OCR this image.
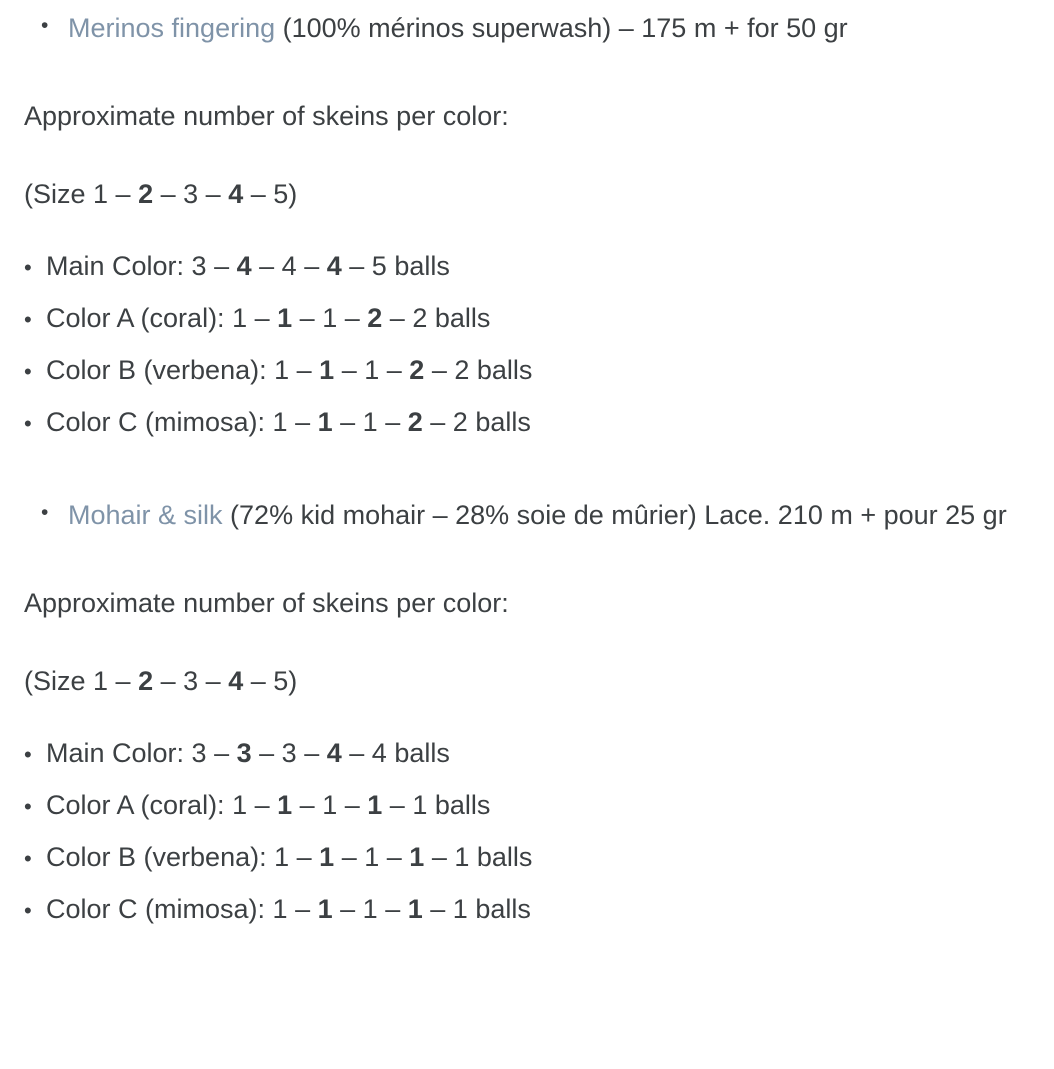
• Merinos fingering (100% mérinos superwash) – 175 m + for 50 gr

Approximate number of skeins per color:

(Size 1 – 2 – 3 – 4 – 5)

• Main Color: 3 – 4 – 4 – 4 – 5 balls
• Color A (coral): 1 – 1 – 1 – 2 – 2 balls
• Color B (verbena): 1 – 1 – 1 – 2 – 2 balls
• Color C (mimosa): 1 – 1 – 1 – 2 – 2 balls
• Mohair & silk (72% kid mohair – 28% soie de mûrier) Lace. 210 m + pour 25 gr

Approximate number of skeins per color:

(Size 1 – 2 – 3 – 4 – 5)

• Main Color: 3 – 3 – 3 – 4 – 4 balls
• Color A (coral): 1 – 1 – 1 – 1 – 1 balls
• Color B (verbena): 1 – 1 – 1 – 1 – 1 balls
• Color C (mimosa): 1 – 1 – 1 – 1 – 1 balls
